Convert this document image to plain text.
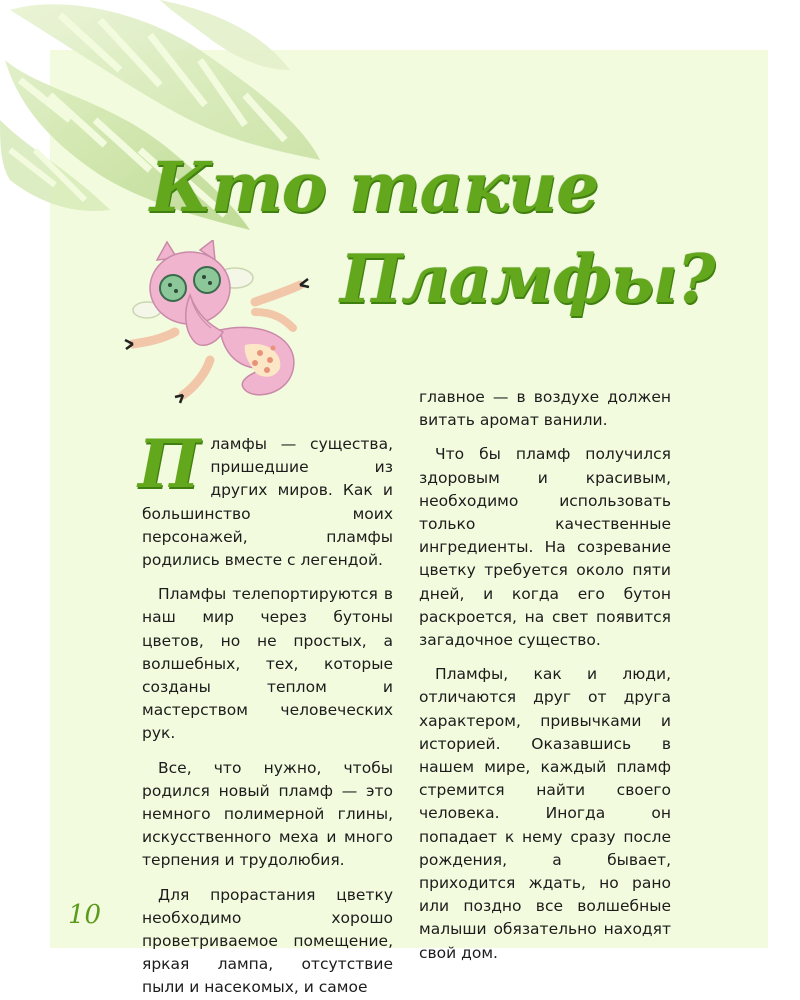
Кто такие
Пламфы?

Пламфы — существа, пришедшие из других миров. Как и большинство моих персонажей, пламфы родились вместе с легендой.

Пламфы телепортируются в наш мир через бутоны цветов, но не простых, а волшебных, тех, которые созданы теплом и мастерством человеческих рук.

Все, что нужно, чтобы родился новый пламф — это немного полимерной глины, искусственного меха и много терпения и трудолюбия.

Для прорастания цветку необходимо хорошо проветриваемое помещение, яркая лампа, отсутствие пыли и насекомых, и самое

главное — в воздухе должен витать аромат ванили.

Что бы пламф получился здоровым и красивым, необходимо использовать только качественные ингредиенты. На созревание цветку требуется около пяти дней, и когда его бутон раскроется, на свет появится загадочное существо.

Пламфы, как и люди, отличаются друг от друга характером, привычками и историей. Оказавшись в нашем мире, каждый пламф стремится найти своего человека. Иногда он попадает к нему сразу после рождения, а бывает, приходится ждать, но рано или поздно все волшебные малыши обязательно находят свой дом.

10
